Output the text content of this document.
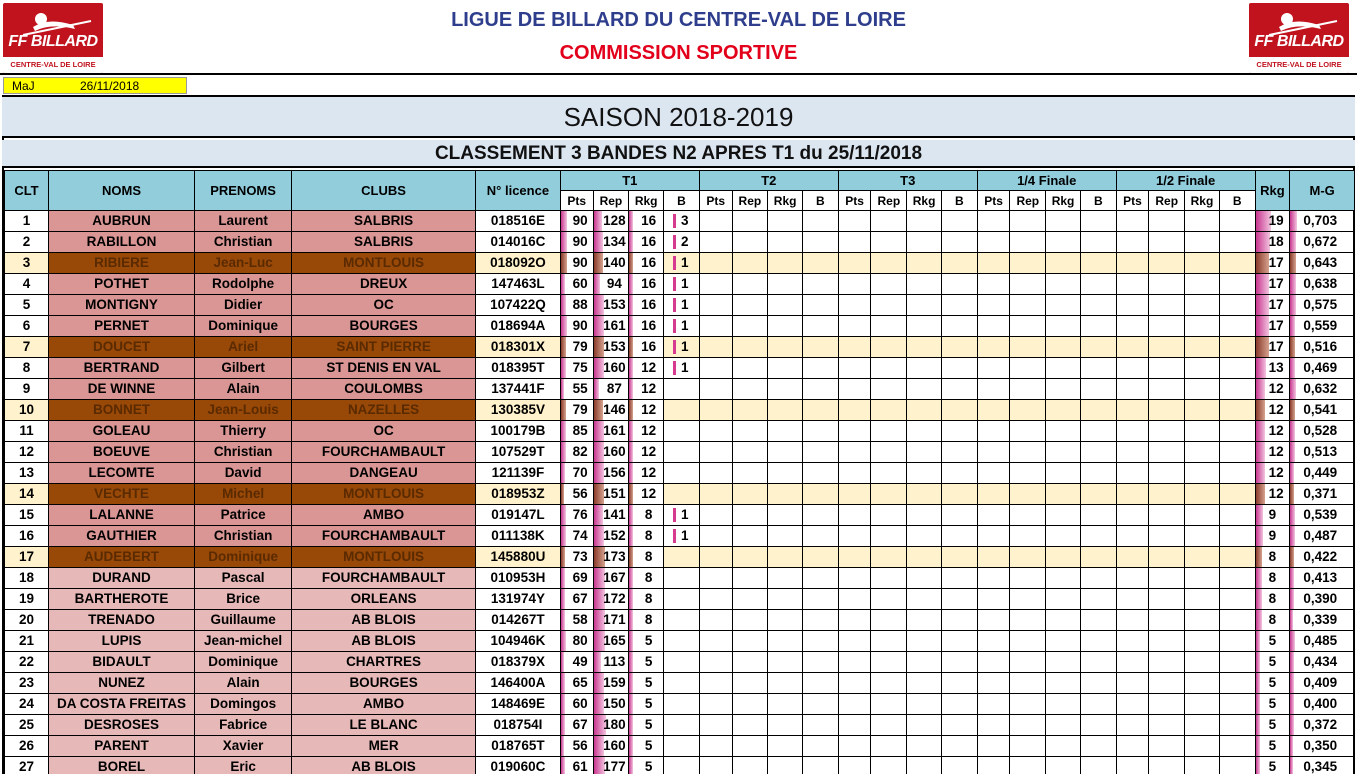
FF BILLARD
CENTRE-VAL DE LOIRE
LIGUE DE BILLARD DU CENTRE-VAL DE LOIRE
COMMISSION SPORTIVE
FF BILLARD
CENTRE-VAL DE LOIRE
MaJ	26/11/2018
SAISON 2018-2019
CLASSEMENT 3 BANDES N2 APRES T1 du 25/11/2018
CLT	NOMS	PRENOMS	CLUBS	N° licence	T1				T2				T3				1/4 Finale				1/2 Finale				Rkg	M-G
					Pts	Rep	Rkg	B	Pts	Rep	Rkg	B	Pts	Rep	Rkg	B	Pts	Rep	Rkg	B	Pts	Rep	Rkg	B		
1	AUBRUN	Laurent	SALBRIS	018516E	90	128	16	3																	19	0,703
2	RABILLON	Christian	SALBRIS	014016C	90	134	16	2																	18	0,672
3	RIBIERE	Jean-Luc	MONTLOUIS	018092O	90	140	16	1																	17	0,643
4	POTHET	Rodolphe	DREUX	147463L	60	94	16	1																	17	0,638
5	MONTIGNY	Didier	OC	107422Q	88	153	16	1																	17	0,575
6	PERNET	Dominique	BOURGES	018694A	90	161	16	1																	17	0,559
7	DOUCET	Ariel	SAINT PIERRE	018301X	79	153	16	1																	17	0,516
8	BERTRAND	Gilbert	ST DENIS EN VAL	018395T	75	160	12	1																	13	0,469
9	DE WINNE	Alain	COULOMBS	137441F	55	87	12																		12	0,632
10	BONNET	Jean-Louis	NAZELLES	130385V	79	146	12																		12	0,541
11	GOLEAU	Thierry	OC	100179B	85	161	12																		12	0,528
12	BOEUVE	Christian	FOURCHAMBAULT	107529T	82	160	12																		12	0,513
13	LECOMTE	David	DANGEAU	121139F	70	156	12																		12	0,449
14	VECHTE	Michel	MONTLOUIS	018953Z	56	151	12																		12	0,371
15	LALANNE	Patrice	AMBO	019147L	76	141	8	1																	9	0,539
16	GAUTHIER	Christian	FOURCHAMBAULT	011138K	74	152	8	1																	9	0,487
17	AUDEBERT	Dominique	MONTLOUIS	145880U	73	173	8																		8	0,422
18	DURAND	Pascal	FOURCHAMBAULT	010953H	69	167	8																		8	0,413
19	BARTHEROTE	Brice	ORLEANS	131974Y	67	172	8																		8	0,390
20	TRENADO	Guillaume	AB BLOIS	014267T	58	171	8																		8	0,339
21	LUPIS	Jean-michel	AB BLOIS	104946K	80	165	5																		5	0,485
22	BIDAULT	Dominique	CHARTRES	018379X	49	113	5																		5	0,434
23	NUNEZ	Alain	BOURGES	146400A	65	159	5																		5	0,409
24	DA COSTA FREITAS	Domingos	AMBO	148469E	60	150	5																		5	0,400
25	DESROSES	Fabrice	LE BLANC	018754I	67	180	5																		5	0,372
26	PARENT	Xavier	MER	018765T	56	160	5																		5	0,350
27	BOREL	Eric	AB BLOIS	019060C	61	177	5																		5	0,345
